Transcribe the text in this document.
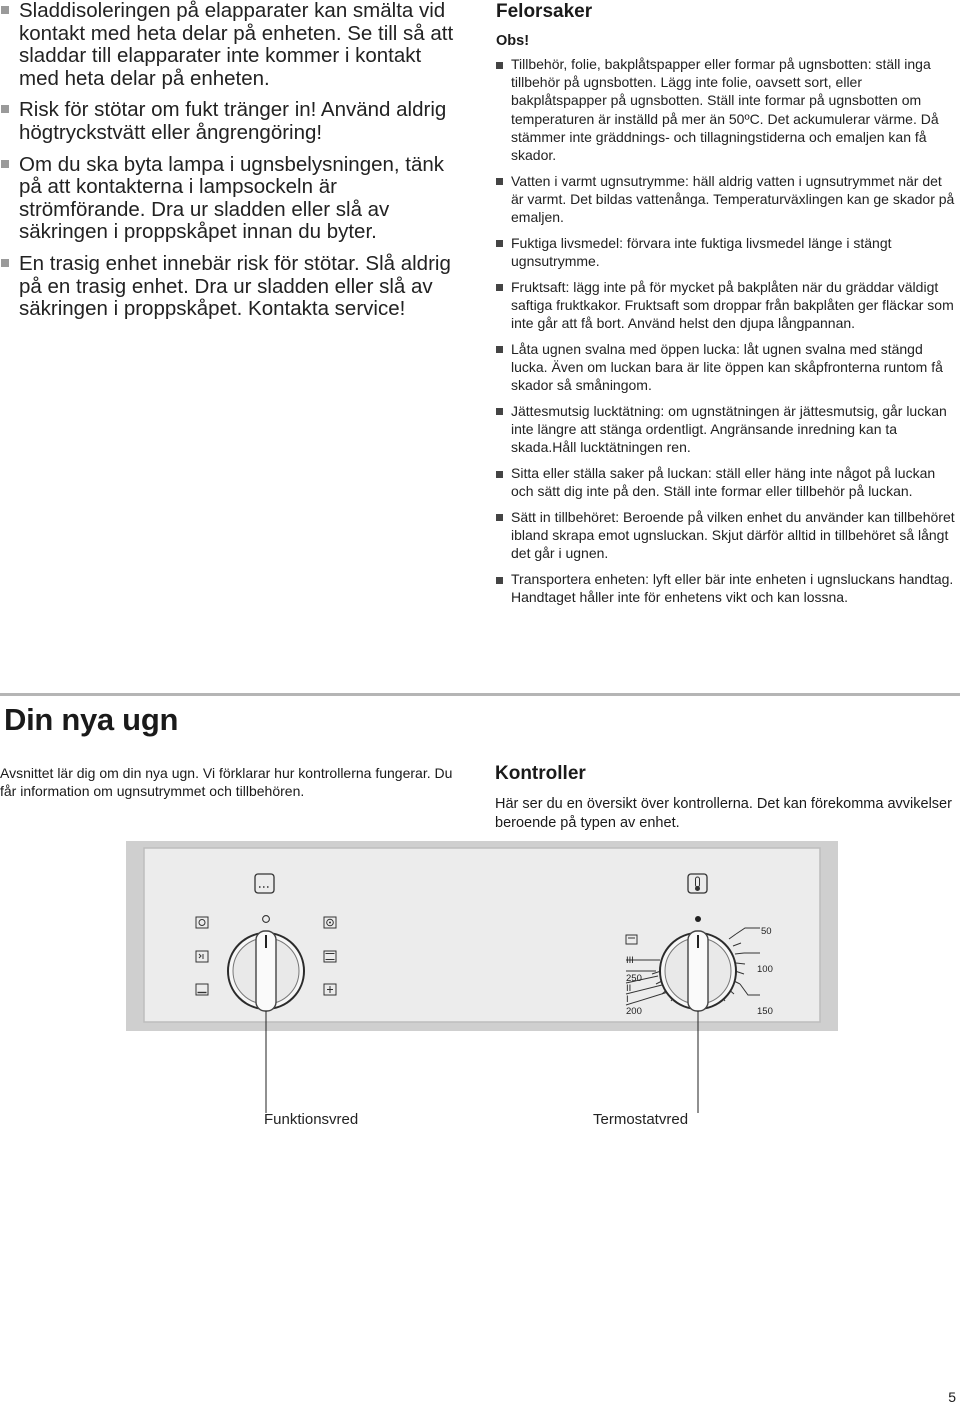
Sladdisoleringen på elapparater kan smälta vid kontakt med heta delar på enheten. Se till så att sladdar till elapparater inte kommer i kontakt med heta delar på enheten.
Risk för stötar om fukt tränger in! Använd aldrig högtryckstvätt eller ångrengöring!
Om du ska byta lampa i ugnsbelysningen, tänk på att kontakterna i lampsockeln är strömförande. Dra ur sladden eller slå av säkringen i proppskåpet innan du byter.
En trasig enhet innebär risk för stötar. Slå aldrig på en trasig enhet. Dra ur sladden eller slå av säkringen i proppskåpet. Kontakta service!
Felorsaker
Obs!
Tillbehör, folie, bakplåtspapper eller formar på ugnsbotten: ställ inga tillbehör på ugnsbotten. Lägg inte folie, oavsett sort, eller bakplåtspapper på ugnsbotten. Ställ inte formar på ugnsbotten om temperaturen är inställd på mer än 50ºC. Det ackumulerar värme. Då stämmer inte gräddnings- och tillagningstiderna och emaljen kan få skador.
Vatten i varmt ugnsutrymme: häll aldrig vatten i ugnsutrymmet när det är varmt. Det bildas vattenånga. Temperaturväxlingen kan ge skador på emaljen.
Fuktiga livsmedel: förvara inte fuktiga livsmedel länge i stängt ugnsutrymme.
Fruktsaft: lägg inte på för mycket på bakplåten när du gräddar väldigt saftiga fruktkakor. Fruktsaft som droppar från bakplåten ger fläckar som inte går att få bort. Använd helst den djupa långpannan.
Låta ugnen svalna med öppen lucka: låt ugnen svalna med stängd lucka. Även om luckan bara är lite öppen kan skåpfronterna runtom få skador så småningom.
Jättesmutsig lucktätning: om ugnstätningen är jättesmutsig, går luckan inte längre att stänga ordentligt. Angränsande inredning kan ta skada.Håll lucktätningen ren.
Sitta eller ställa saker på luckan: ställ eller häng inte något på luckan och sätt dig inte på den. Ställ inte formar eller tillbehör på luckan.
Sätt in tillbehöret: Beroende på vilken enhet du använder kan tillbehöret ibland skrapa emot ugnsluckan. Skjut därför alltid in tillbehöret så långt det går i ugnen.
Transportera enheten: lyft eller bär inte enheten i ugnsluckans handtag. Handtaget håller inte för enhetens vikt och kan lossna.
Din nya ugn

Avsnittet lär dig om din nya ugn. Vi förklarar hur kontrollerna fungerar. Du får information om ugnsutrymmet och tillbehören.

Kontroller

Här ser du en översikt över kontrollerna. Det kan förekomma avvikelser beroende på typen av enhet.

III
250
II
I
200
50
100
150
Funktionsvred	Termostatvred
5
